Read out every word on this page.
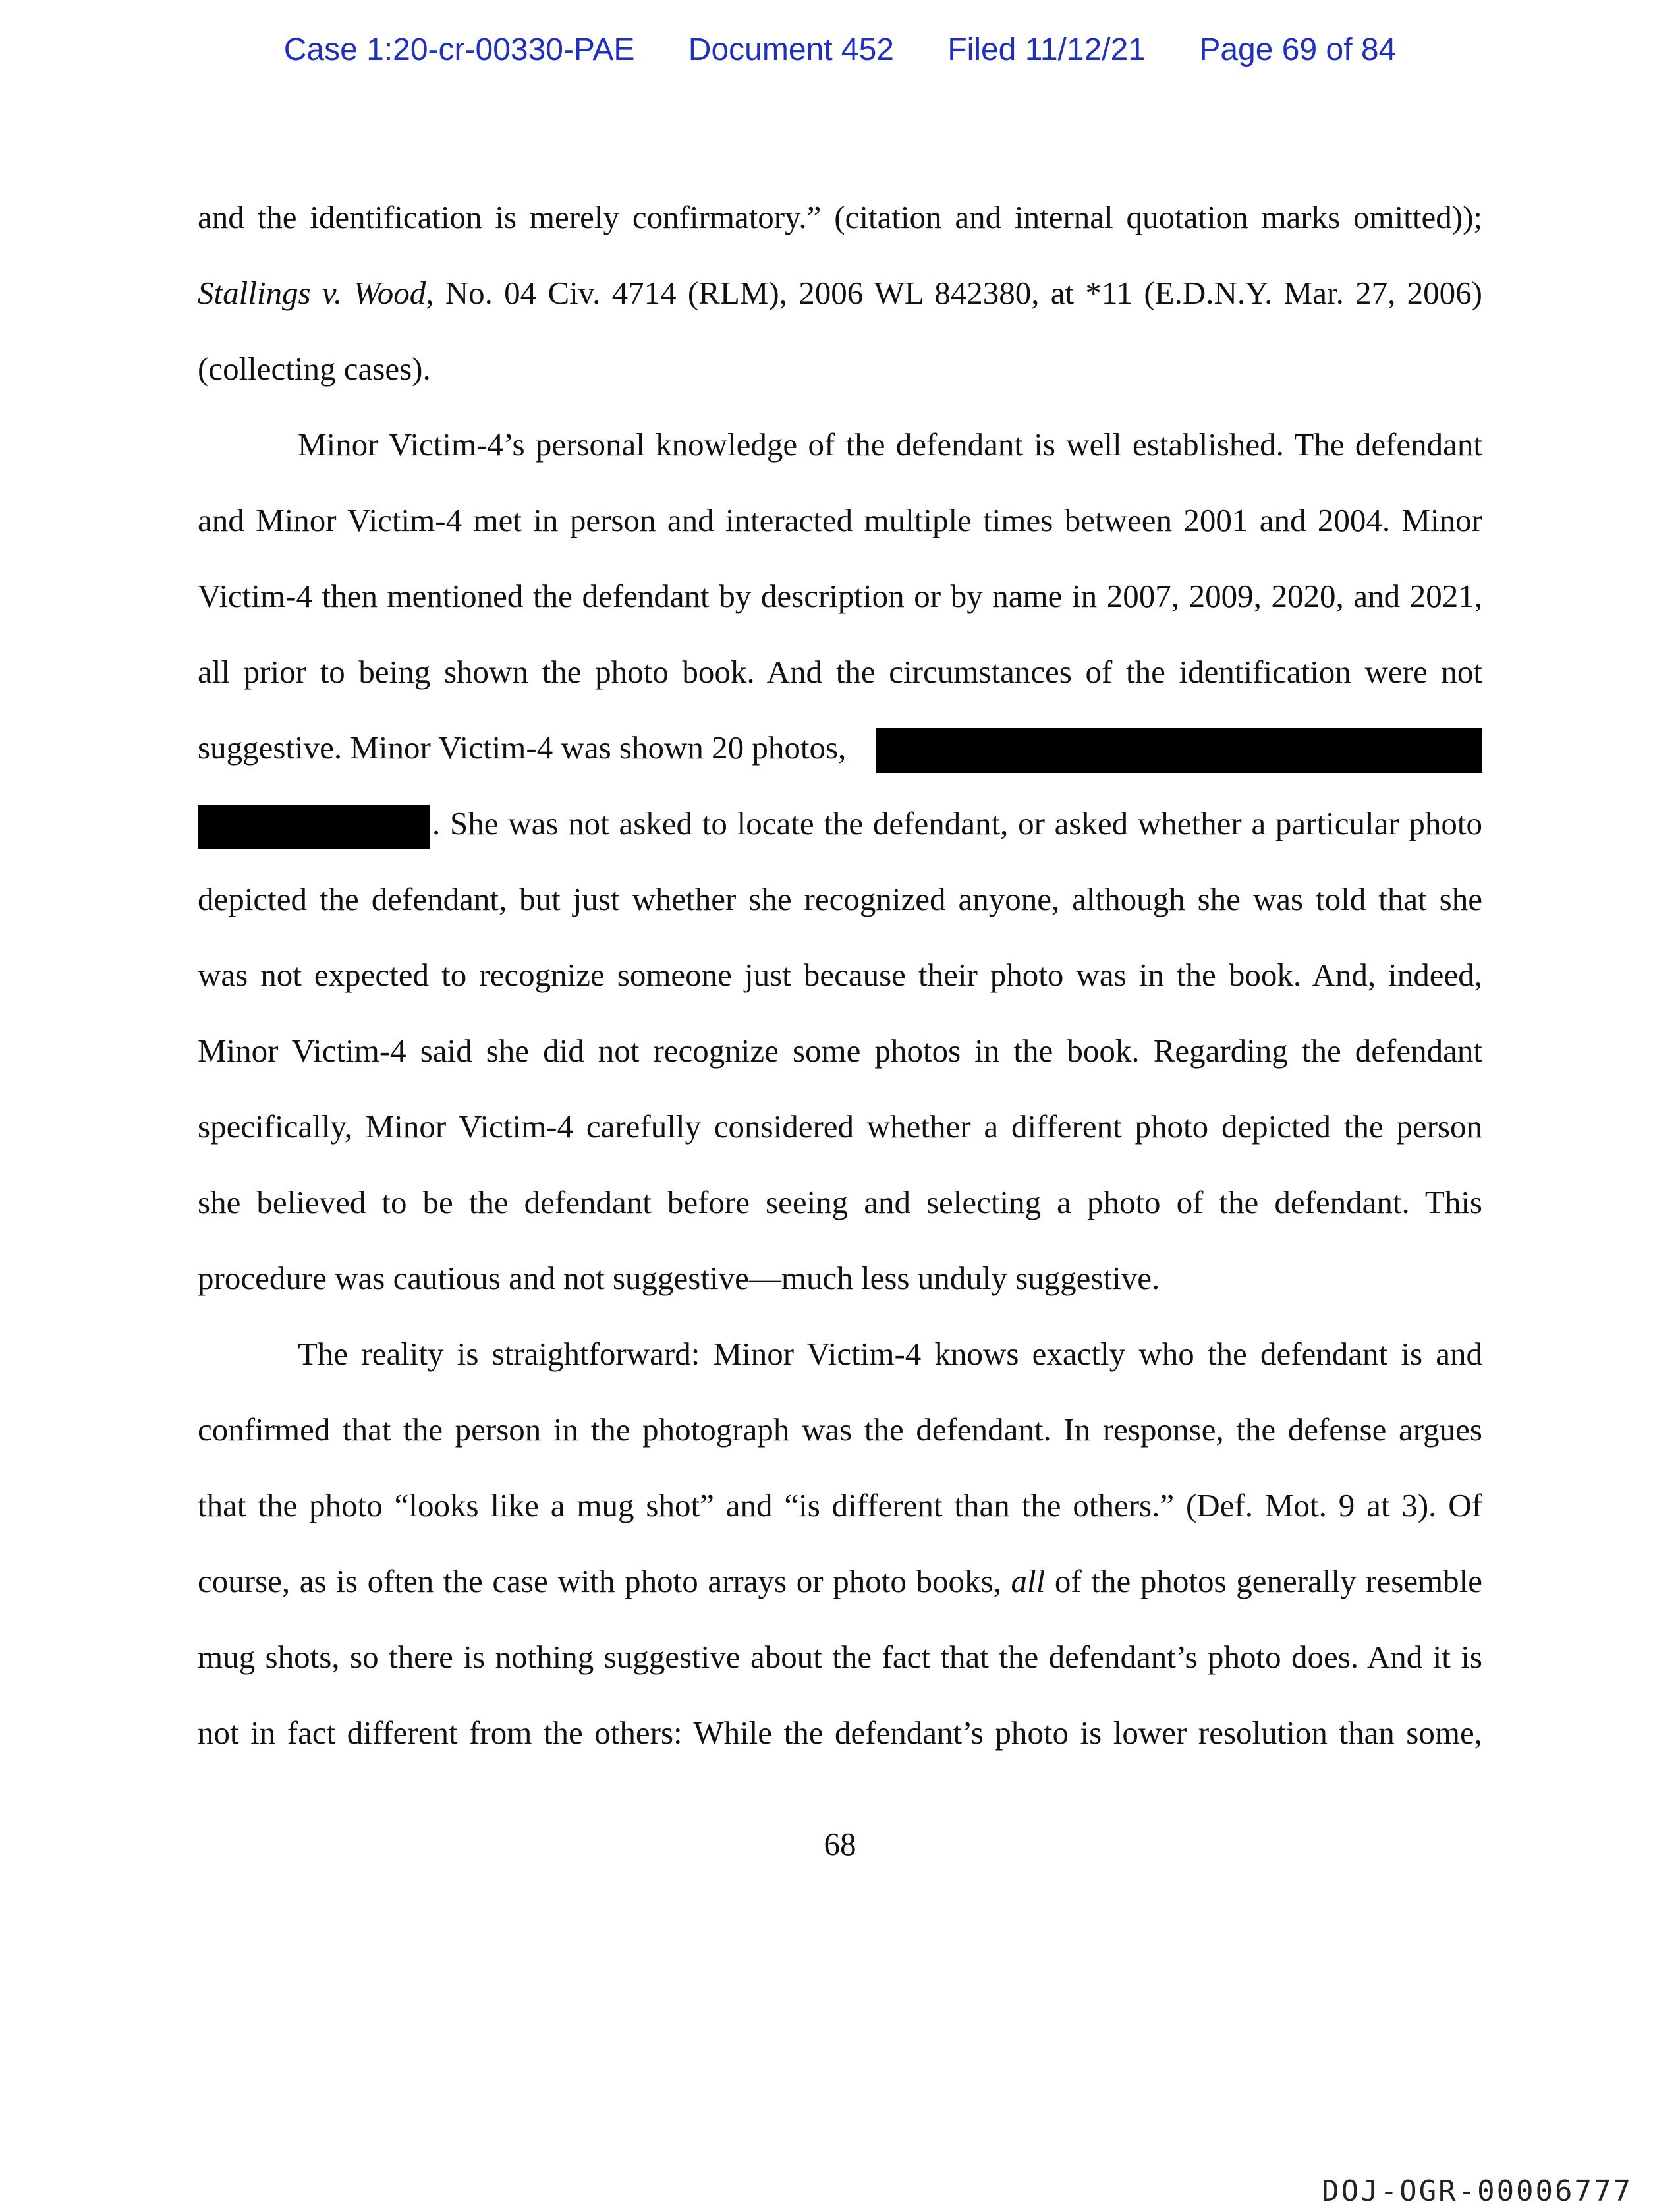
Case 1:20-cr-00330-PAE Document 452 Filed 11/12/21 Page 69 of 84
and the identification is merely confirmatory.” (citation and internal quotation marks omitted));
Stallings v. Wood, No. 04 Civ. 4714 (RLM), 2006 WL 842380, at *11 (E.D.N.Y. Mar. 27, 2006)
(collecting cases).
Minor Victim-4’s personal knowledge of the defendant is well established. The defendant
and Minor Victim-4 met in person and interacted multiple times between 2001 and 2004. Minor
Victim-4 then mentioned the defendant by description or by name in 2007, 2009, 2020, and 2021,
all prior to being shown the photo book. And the circumstances of the identification were not
suggestive. Minor Victim-4 was shown 20 photos,
. She was not asked to locate the defendant, or asked whether a particular photo
depicted the defendant, but just whether she recognized anyone, although she was told that she
was not expected to recognize someone just because their photo was in the book. And, indeed,
Minor Victim-4 said she did not recognize some photos in the book. Regarding the defendant
specifically, Minor Victim-4 carefully considered whether a different photo depicted the person
she believed to be the defendant before seeing and selecting a photo of the defendant. This
procedure was cautious and not suggestive—much less unduly suggestive.
The reality is straightforward: Minor Victim-4 knows exactly who the defendant is and
confirmed that the person in the photograph was the defendant. In response, the defense argues
that the photo “looks like a mug shot” and “is different than the others.” (Def. Mot. 9 at 3). Of
course, as is often the case with photo arrays or photo books, all of the photos generally resemble
mug shots, so there is nothing suggestive about the fact that the defendant’s photo does. And it is
not in fact different from the others: While the defendant’s photo is lower resolution than some,
68
DOJ-OGR-00006777
